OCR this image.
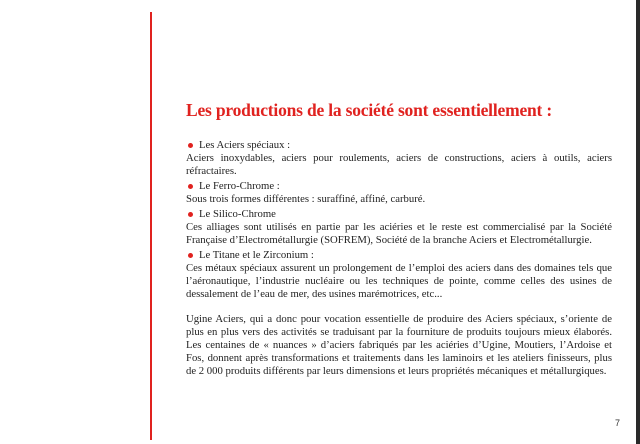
Les productions de la société sont essentiellement :
Les Aciers spéciaux :

Aciers inoxydables, aciers pour roulements, aciers de constructions, aciers à outils, aciers réfractaires.

Le Ferro-Chrome :

Sous trois formes différentes : suraffiné, affiné, carburé.

Le Silico-Chrome

Ces alliages sont utilisés en partie par les aciéries et le reste est commercialisé par la Société Française d’Electrométallurgie (SOFREM), Société de la branche Aciers et Electrométallurgie.

Le Titane et le Zirconium :

Ces métaux spéciaux assurent un prolongement de l’emploi des aciers dans des domaines tels que l’aéronautique, l’industrie nucléaire ou les techniques de pointe, comme celles des usines de dessalement de l’eau de mer, des usines marémotrices, etc...

Ugine Aciers, qui a donc pour vocation essentielle de produire des Aciers spéciaux, s’oriente de plus en plus vers des activités se traduisant par la fourniture de produits toujours mieux élaborés. Les centaines de « nuances » d’aciers fabriqués par les aciéries d’Ugine, Moutiers, l’Ardoise et Fos, donnent après transformations et traitements dans les laminoirs et les ateliers finisseurs, plus de 2 000 produits différents par leurs dimensions et leurs propriétés mécaniques et métallurgiques.

7
